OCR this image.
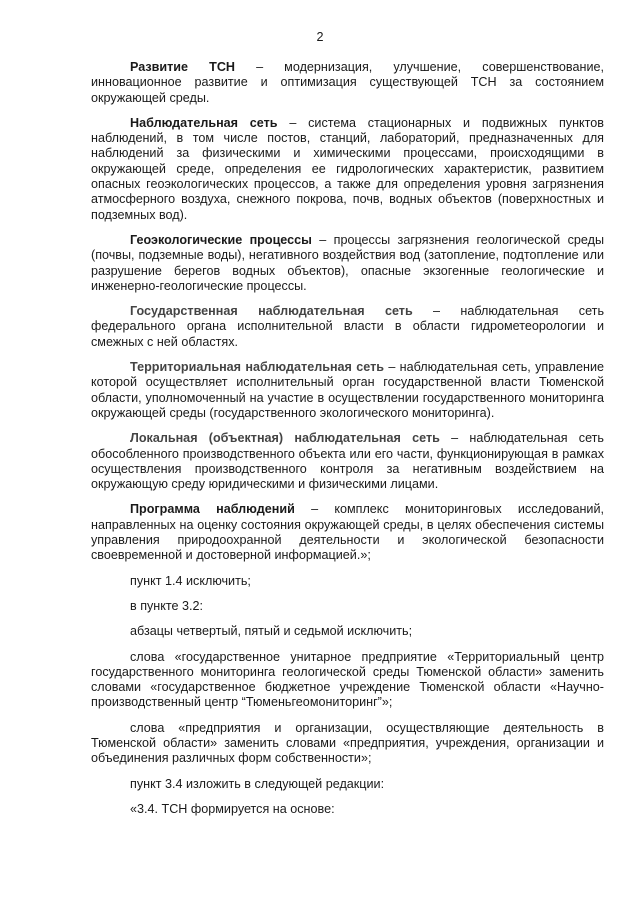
2

Развитие ТСН – модернизация, улучшение, совершенствование, инновационное развитие и оптимизация существующей ТСН за состоянием окружающей среды.

Наблюдательная сеть – система стационарных и подвижных пунктов наблюдений, в том числе постов, станций, лабораторий, предназначенных для наблюдений за физическими и химическими процессами, происходящими в окружающей среде, определения ее гидрологических характеристик, развитием опасных геоэкологических процессов, а также для определения уровня загрязнения атмосферного воздуха, снежного покрова, почв, водных объектов (поверхностных и подземных вод).

Геоэкологические процессы – процессы загрязнения геологической среды (почвы, подземные воды), негативного воздействия вод (затопление, подтопление или разрушение берегов водных объектов), опасные экзогенные геологические и инженерно-геологические процессы.

Государственная наблюдательная сеть – наблюдательная сеть федерального органа исполнительной власти в области гидрометеорологии и смежных с ней областях.

Территориальная наблюдательная сеть – наблюдательная сеть, управление которой осуществляет исполнительный орган государственной власти Тюменской области, уполномоченный на участие в осуществлении государственного мониторинга окружающей среды (государственного экологического мониторинга).

Локальная (объектная) наблюдательная сеть – наблюдательная сеть обособленного производственного объекта или его части, функционирующая в рамках осуществления производственного контроля за негативным воздействием на окружающую среду юридическими и физическими лицами.

Программа наблюдений – комплекс мониторинговых исследований, направленных на оценку состояния окружающей среды, в целях обеспечения системы управления природоохранной деятельности и экологической безопасности своевременной и достоверной информацией.»;

пункт 1.4 исключить;

в пункте 3.2:

абзацы четвертый, пятый и седьмой исключить;

слова «государственное унитарное предприятие «Территориальный центр государственного мониторинга геологической среды Тюменской области» заменить словами «государственное бюджетное учреждение Тюменской области «Научно-производственный центр “Тюменьгеомониторинг”»;

слова «предприятия и организации, осуществляющие деятельность в Тюменской области» заменить словами «предприятия, учреждения, организации и объединения различных форм собственности»;

пункт 3.4 изложить в следующей редакции:

«3.4. ТСН формируется на основе:
